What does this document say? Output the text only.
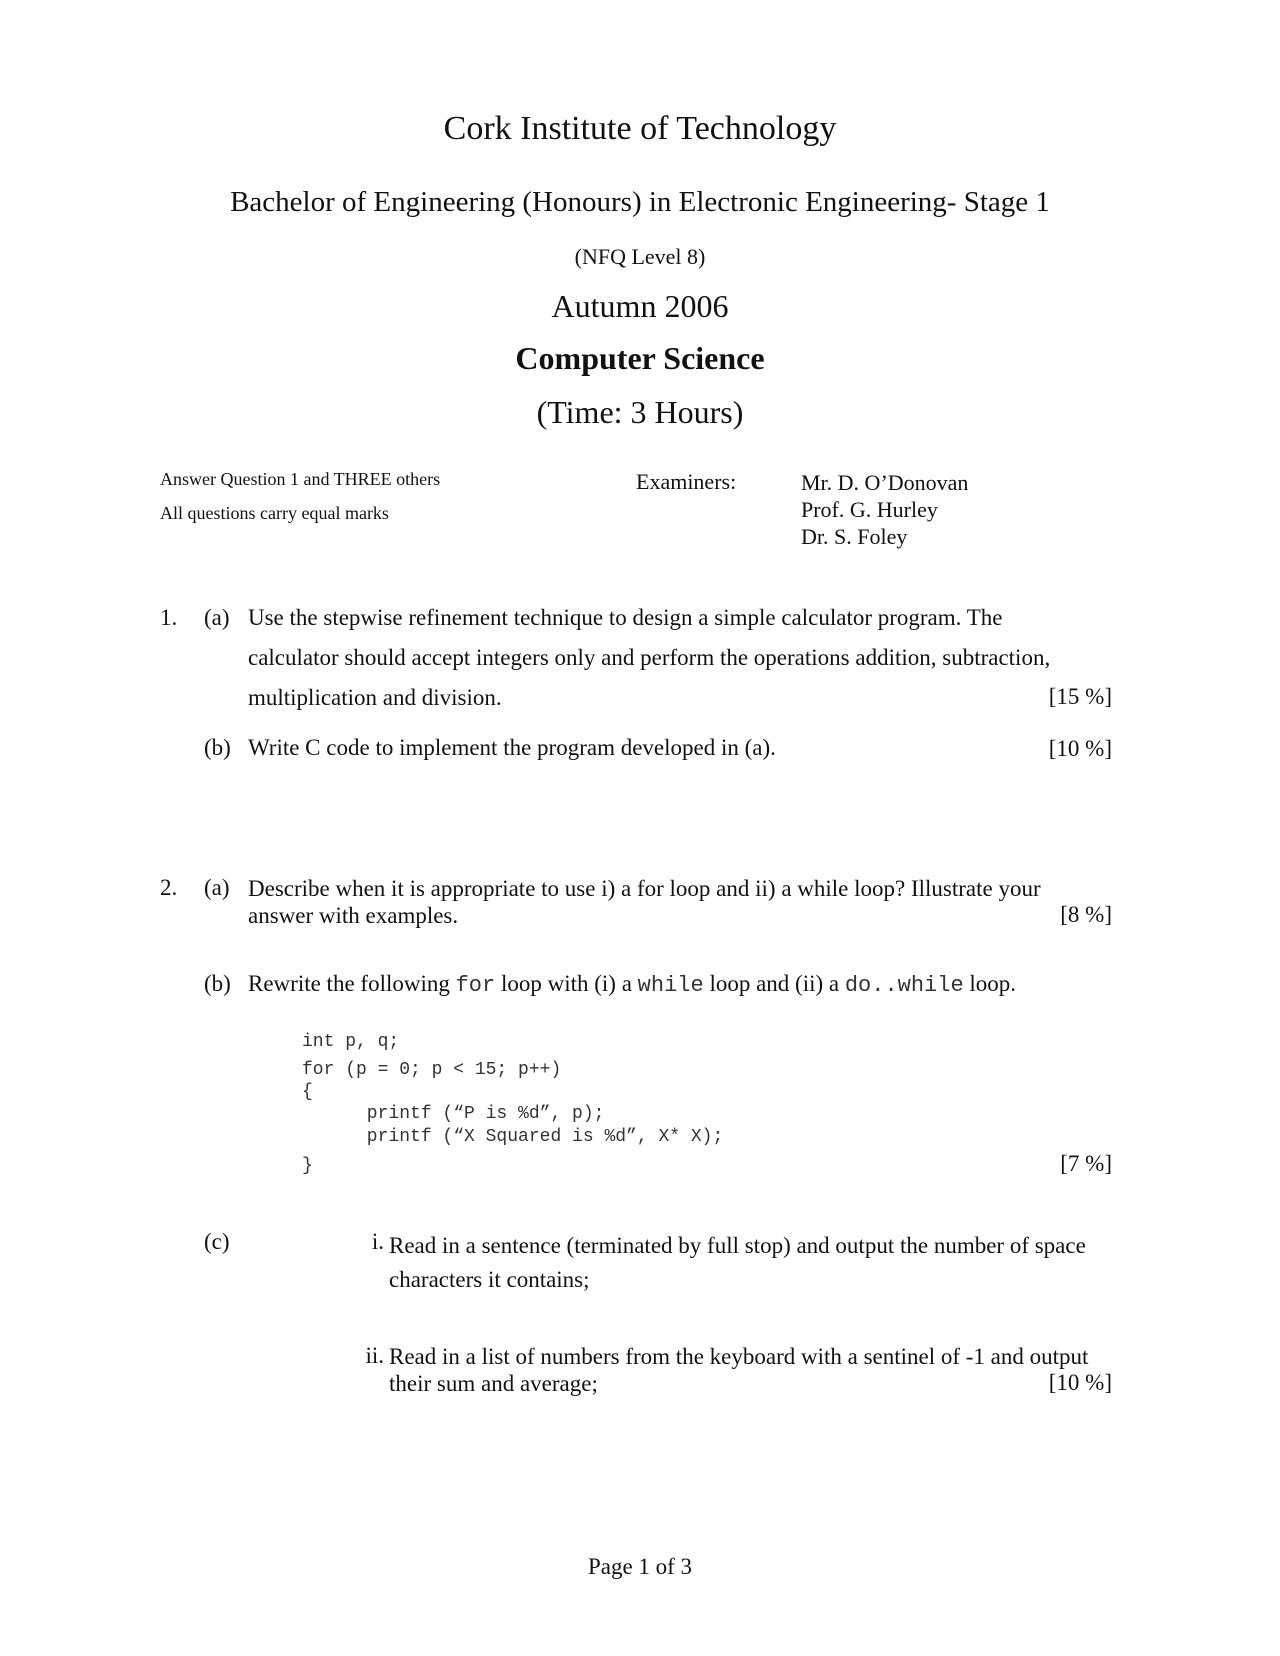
Cork Institute of Technology
Bachelor of Engineering (Honours) in Electronic Engineering- Stage 1
(NFQ Level 8)
Autumn 2006
Computer Science
(Time: 3 Hours)
Answer Question 1 and THREE others
All questions carry equal marks
Examiners:	Mr. D. O’Donovan
Prof. G. Hurley
Dr. S. Foley
1. (a) Use the stepwise refinement technique to design a simple calculator program. The
calculator should accept integers only and perform the operations addition, subtraction,
multiplication and division.	[15 %]
(b) Write C code to implement the program developed in (a).	[10 %]
2. (a) Describe when it is appropriate to use i) a for loop and ii) a while loop? Illustrate your
answer with examples.	[8 %]
(b) Rewrite the following for loop with (i) a while loop and (ii) a do..while loop.
int p, q;
for (p = 0; p < 15; p++)
{
printf (“P is %d”, p);
printf (“X Squared is %d”, X* X);
}	[7 %]
(c)	i. Read in a sentence (terminated by full stop) and output the number of space
characters it contains;
ii. Read in a list of numbers from the keyboard with a sentinel of -1 and output
their sum and average;	[10 %]
Page 1 of 3
